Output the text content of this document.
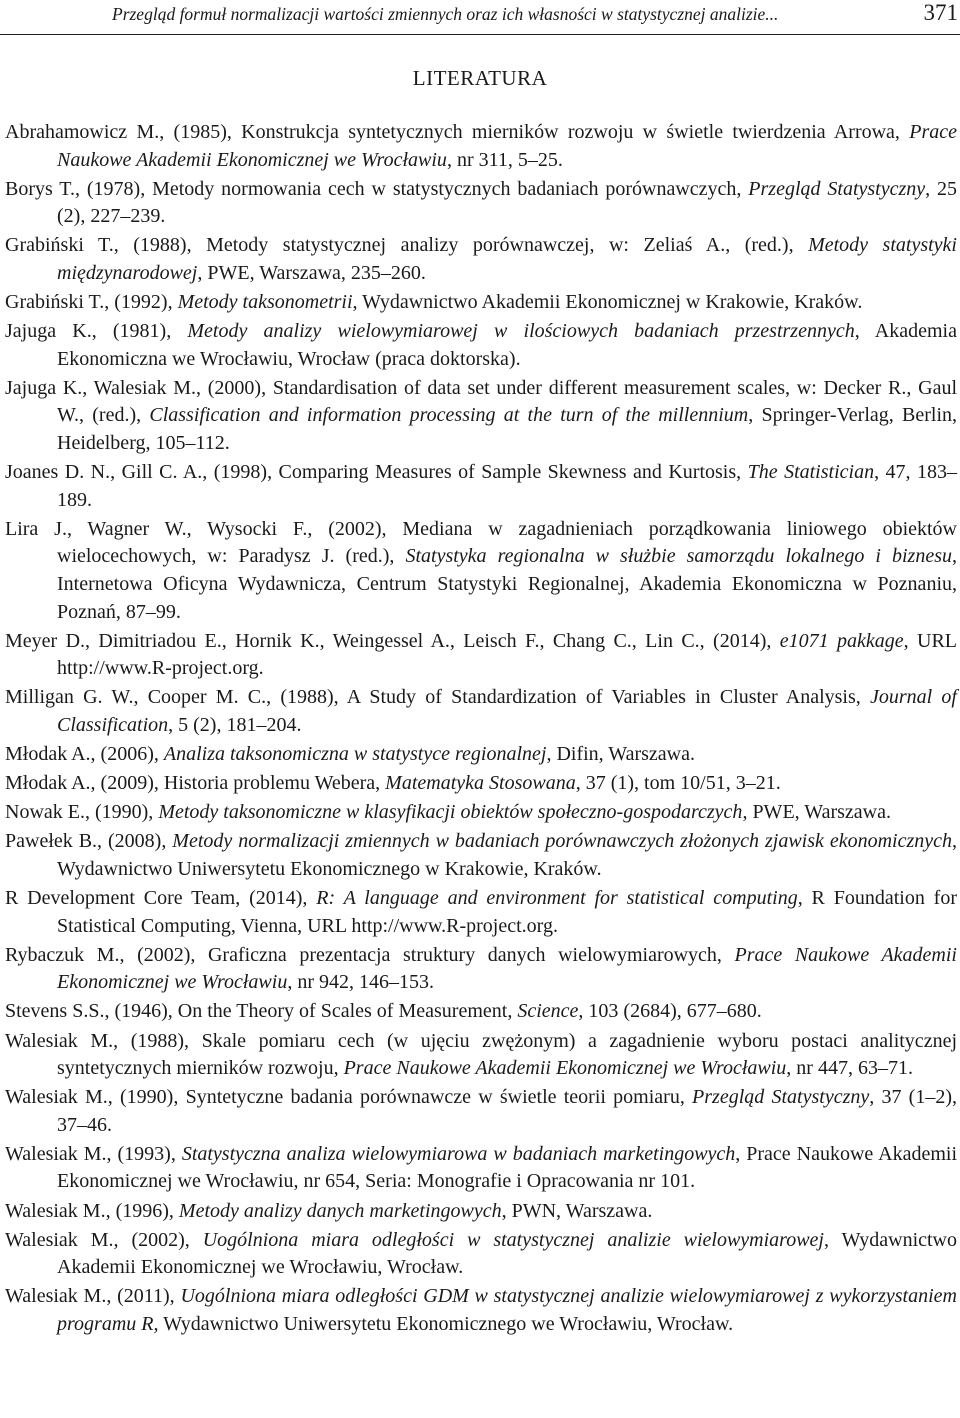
Przegląd formuł normalizacji wartości zmiennych oraz ich własności w statystycznej analizie...	371
LITERATURA

Abrahamowicz M., (1985), Konstrukcja syntetycznych mierników rozwoju w świetle twierdzenia Arrowa, Prace Naukowe Akademii Ekonomicznej we Wrocławiu, nr 311, 5–25.

Borys T., (1978), Metody normowania cech w statystycznych badaniach porównawczych, Przegląd Statystyczny, 25 (2), 227–239.

Grabiński T., (1988), Metody statystycznej analizy porównawczej, w: Zeliaś A., (red.), Metody statystyki międzynarodowej, PWE, Warszawa, 235–260.

Grabiński T., (1992), Metody taksonometrii, Wydawnictwo Akademii Ekonomicznej w Krakowie, Kraków.

Jajuga K., (1981), Metody analizy wielowymiarowej w ilościowych badaniach przestrzennych, Akademia Ekonomiczna we Wrocławiu, Wrocław (praca doktorska).

Jajuga K., Walesiak M., (2000), Standardisation of data set under different measurement scales, w: Decker R., Gaul W., (red.), Classification and information processing at the turn of the millennium, Springer-Verlag, Berlin, Heidelberg, 105–112.

Joanes D. N., Gill C. A., (1998), Comparing Measures of Sample Skewness and Kurtosis, The Statistician, 47, 183–189.

Lira J., Wagner W., Wysocki F., (2002), Mediana w zagadnieniach porządkowania liniowego obiektów wielocechowych, w: Paradysz J. (red.), Statystyka regionalna w służbie samorządu lokalnego i biznesu, Internetowa Oficyna Wydawnicza, Centrum Statystyki Regionalnej, Akademia Ekonomiczna w Poznaniu, Poznań, 87–99.

Meyer D., Dimitriadou E., Hornik K., Weingessel A., Leisch F., Chang C., Lin C., (2014), e1071 pakkage, URL http://www.R-project.org.

Milligan G. W., Cooper M. C., (1988), A Study of Standardization of Variables in Cluster Analysis, Journal of Classification, 5 (2), 181–204.

Młodak A., (2006), Analiza taksonomiczna w statystyce regionalnej, Difin, Warszawa.

Młodak A., (2009), Historia problemu Webera, Matematyka Stosowana, 37 (1), tom 10/51, 3–21.

Nowak E., (1990), Metody taksonomiczne w klasyfikacji obiektów społeczno-gospodarczych, PWE, Warszawa.

Pawełek B., (2008), Metody normalizacji zmiennych w badaniach porównawczych złożonych zjawisk ekonomicznych, Wydawnictwo Uniwersytetu Ekonomicznego w Krakowie, Kraków.

R Development Core Team, (2014), R: A language and environment for statistical computing, R Foundation for Statistical Computing, Vienna, URL http://www.R-project.org.

Rybaczuk M., (2002), Graficzna prezentacja struktury danych wielowymiarowych, Prace Naukowe Akademii Ekonomicznej we Wrocławiu, nr 942, 146–153.

Stevens S.S., (1946), On the Theory of Scales of Measurement, Science, 103 (2684), 677–680.

Walesiak M., (1988), Skale pomiaru cech (w ujęciu zwężonym) a zagadnienie wyboru postaci analitycznej syntetycznych mierników rozwoju, Prace Naukowe Akademii Ekonomicznej we Wrocławiu, nr 447, 63–71.

Walesiak M., (1990), Syntetyczne badania porównawcze w świetle teorii pomiaru, Przegląd Statystyczny, 37 (1–2), 37–46.

Walesiak M., (1993), Statystyczna analiza wielowymiarowa w badaniach marketingowych, Prace Naukowe Akademii Ekonomicznej we Wrocławiu, nr 654, Seria: Monografie i Opracowania nr 101.

Walesiak M., (1996), Metody analizy danych marketingowych, PWN, Warszawa.

Walesiak M., (2002), Uogólniona miara odległości w statystycznej analizie wielowymiarowej, Wydawnictwo Akademii Ekonomicznej we Wrocławiu, Wrocław.

Walesiak M., (2011), Uogólniona miara odległości GDM w statystycznej analizie wielowymiarowej z wykorzystaniem programu R, Wydawnictwo Uniwersytetu Ekonomicznego we Wrocławiu, Wrocław.
